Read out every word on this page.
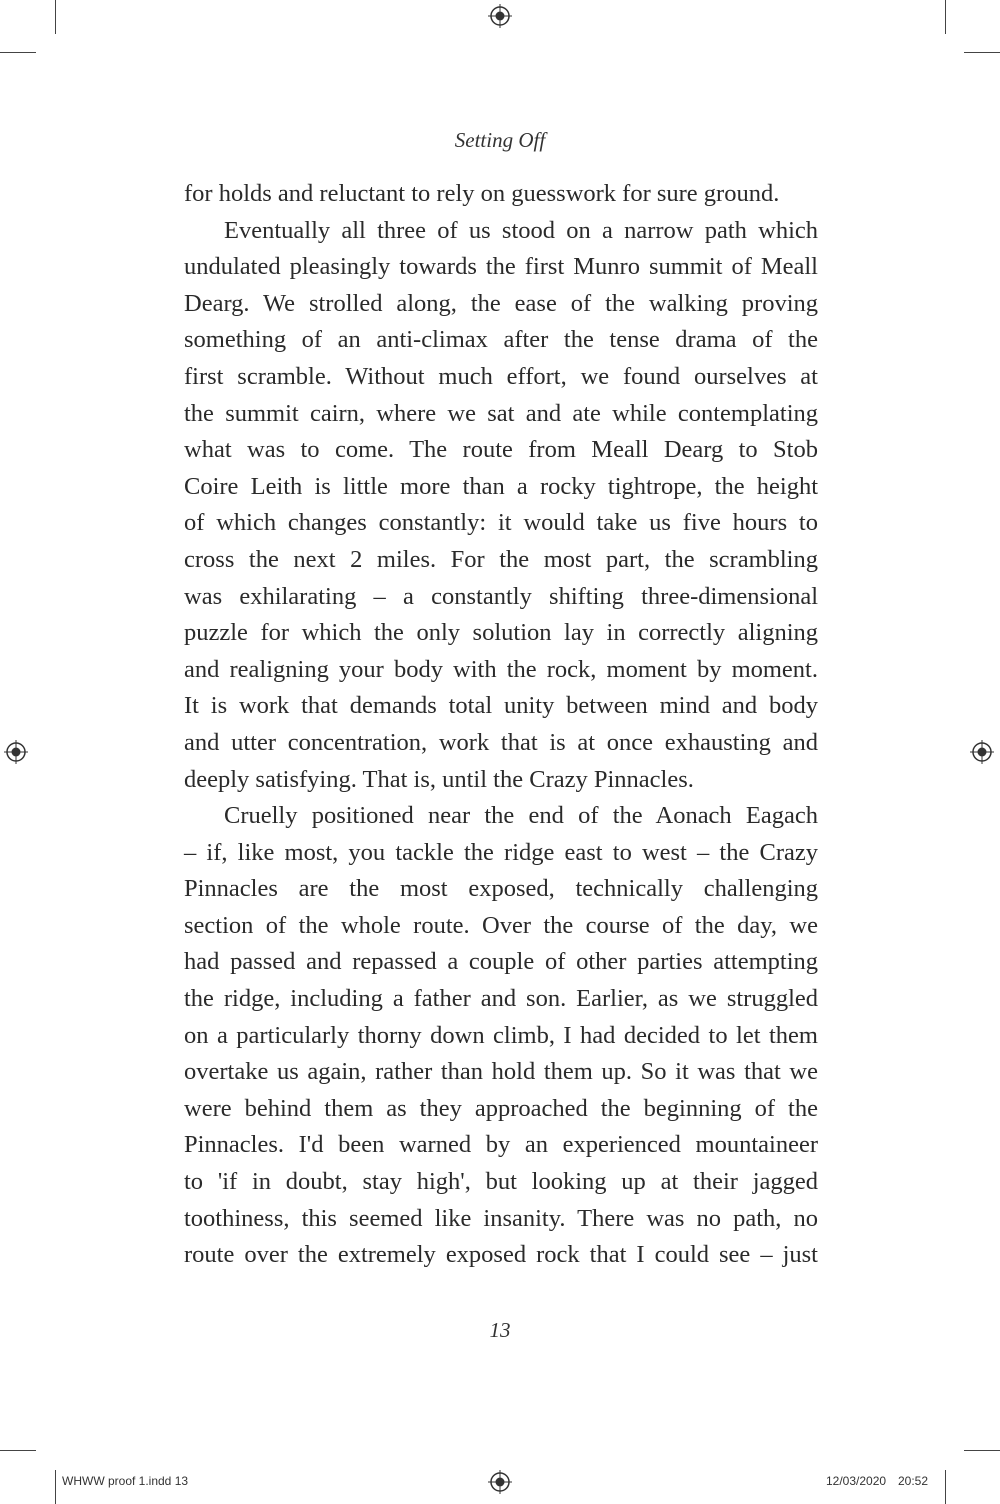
Setting Off
for holds and reluctant to rely on guesswork for sure ground.
Eventually all three of us stood on a narrow path which
undulated pleasingly towards the first Munro summit of Meall
Dearg. We strolled along, the ease of the walking proving
something of an anti-climax after the tense drama of the
first scramble. Without much effort, we found ourselves at
the summit cairn, where we sat and ate while contemplating
what was to come. The route from Meall Dearg to Stob
Coire Leith is little more than a rocky tightrope, the height
of which changes constantly: it would take us five hours to
cross the next 2 miles. For the most part, the scrambling
was exhilarating – a constantly shifting three-dimensional
puzzle for which the only solution lay in correctly aligning
and realigning your body with the rock, moment by moment.
It is work that demands total unity between mind and body
and utter concentration, work that is at once exhausting and
deeply satisfying. That is, until the Crazy Pinnacles.
Cruelly positioned near the end of the Aonach Eagach
– if, like most, you tackle the ridge east to west – the Crazy
Pinnacles are the most exposed, technically challenging
section of the whole route. Over the course of the day, we
had passed and repassed a couple of other parties attempting
the ridge, including a father and son. Earlier, as we struggled
on a particularly thorny down climb, I had decided to let them
overtake us again, rather than hold them up. So it was that we
were behind them as they approached the beginning of the
Pinnacles. I'd been warned by an experienced mountaineer
to 'if in doubt, stay high', but looking up at their jagged
toothiness, this seemed like insanity. There was no path, no
route over the extremely exposed rock that I could see – just
13
WHWW proof 1.indd 13	12/03/2020 20:52
